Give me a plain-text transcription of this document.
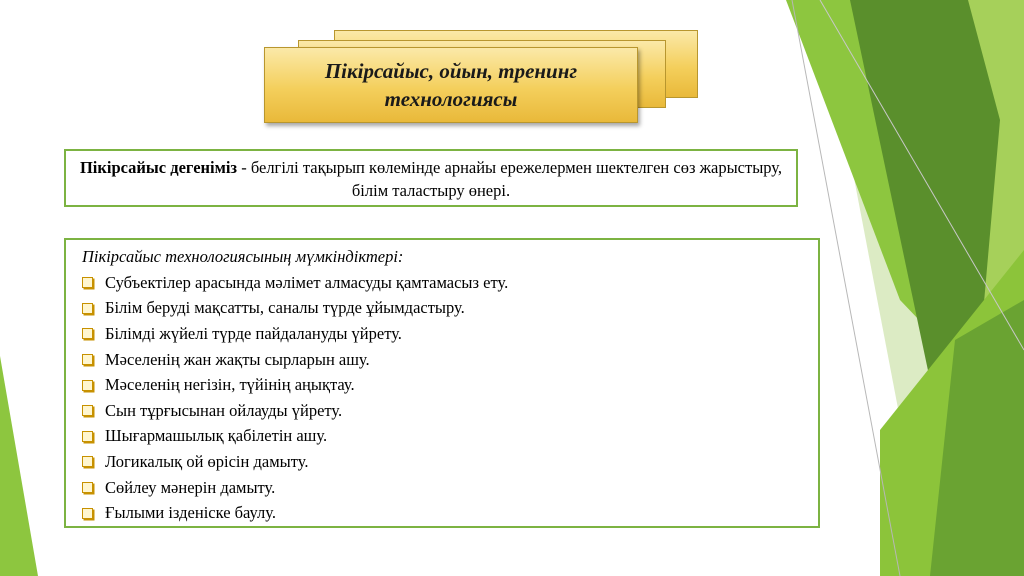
Пікірсайыс, ойын, тренинг
технологиясы
Пікірсайыс дегеніміз - белгілі тақырып көлемінде арнайы ережелермен шектелген сөз жарыстыру, білім таластыру өнері.
Пікірсайыс технологиясының мүмкіндіктері:
Субъектілер арасында мәлімет алмасуды қамтамасыз ету.
Білім беруді мақсатты, саналы түрде ұйымдастыру.
Білімді жүйелі түрде пайдалануды үйрету.
Мәселенің жан жақты сырларын ашу.
Мәселенің негізін, түйінің аңықтау.
Сын тұрғысынан ойлауды үйрету.
Шығармашылық қабілетін ашу.
Логикалық ой өрісін дамыту.
Сөйлеу мәнерін дамыту.
Ғылыми ізденіске баулу.
